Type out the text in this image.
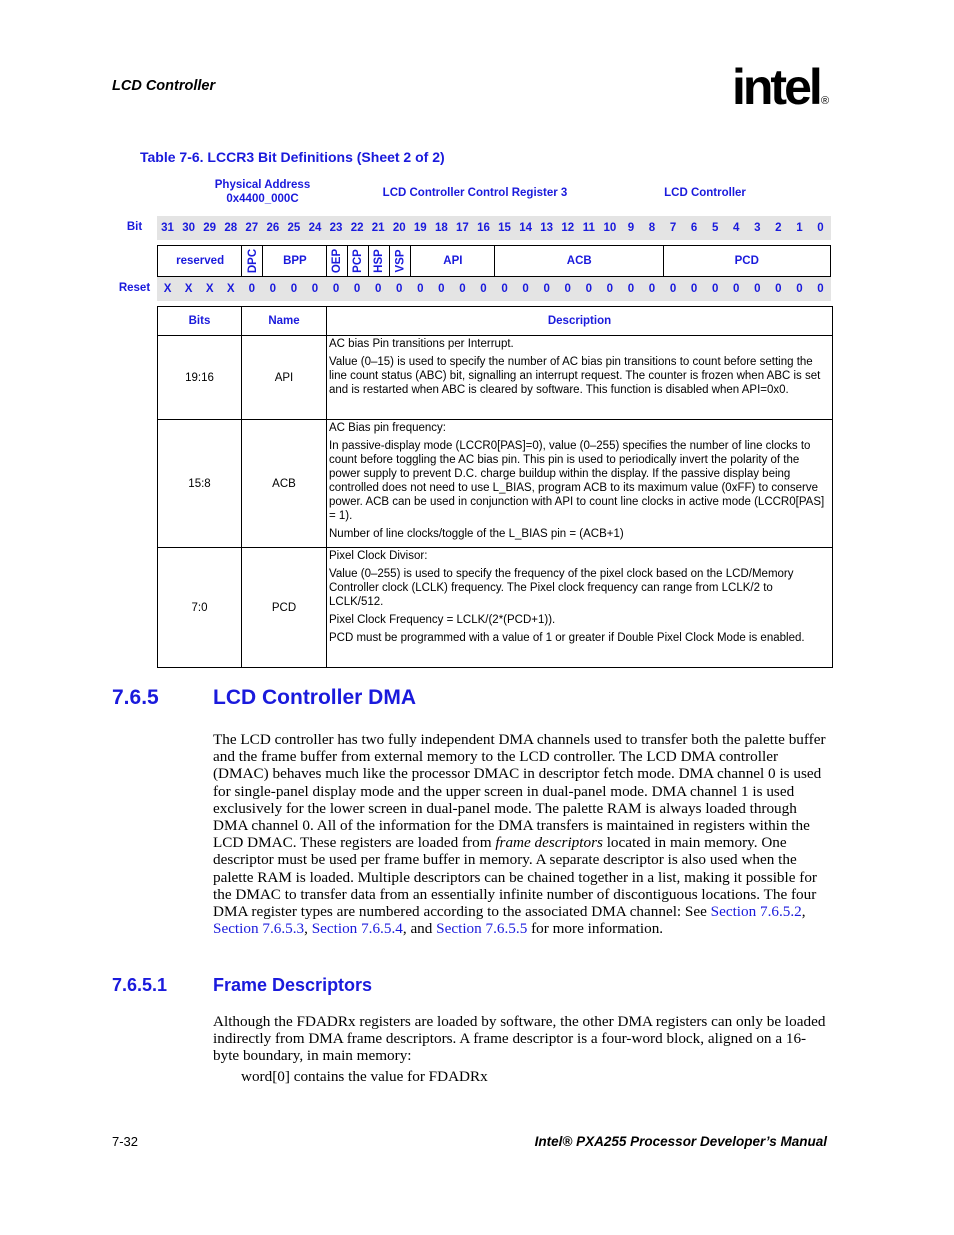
LCD Controller	intel ®
Table 7-6. LCCR3 Bit Definitions (Sheet 2 of 2)
Physical Address
0x4400_000C	LCD Controller Control Register 3	LCD Controller
Bit	31 30 29 28 27 26 25 24 23 22 21 20 19 18 17 16 15 14 13 12 11 10 9	8	7	6	5	4	3	2	1	0
reserved DPC BPP OEP PCP HSP VSP	API	ACB	PCD
Reset	X	X	X	X	0	0	0	0	0	0	0	0	0	0	0	0	0	0	0	0	0	0	0	0	0	0	0	0	0	0	0	0
Bits	Name	Description
19:16	API	AC bias Pin transitions per Interrupt.

Value (0–15) is used to specify the number of AC bias pin transitions to count before setting the line count status (ABC) bit, signalling an interrupt request. The counter is frozen when ABC is set and is restarted when ABC is cleared by software. This function is disabled when API=0x0.

15:8	ACB	AC Bias pin frequency:

In passive-display mode (LCCR0[PAS]=0), value (0–255) specifies the number of line clocks to count before toggling the AC bias pin. This pin is used to periodically invert the polarity of the power supply to prevent D.C. charge buildup within the display. If the passive display being controlled does not need to use L_BIAS, program ACB to its maximum value (0xFF) to conserve power. ACB can be used in conjunction with API to count line clocks in active mode (LCCR0[PAS] = 1).

Number of line clocks/toggle of the L_BIAS pin = (ACB+1)

7:0	PCD	Pixel Clock Divisor:

Value (0–255) is used to specify the frequency of the pixel clock based on the LCD/Memory Controller clock (LCLK) frequency. The Pixel clock frequency can range from LCLK/2 to LCLK/512.

Pixel Clock Frequency = LCLK/(2*(PCD+1)).

PCD must be programmed with a value of 1 or greater if Double Pixel Clock Mode is enabled.

7.6.5	LCD Controller DMA
The LCD controller has two fully independent DMA channels used to transfer both the palette buffer and the frame buffer from external memory to the LCD controller. The LCD DMA controller (DMAC) behaves much like the processor DMAC in descriptor fetch mode. DMA channel 0 is used for single-panel display mode and the upper screen in dual-panel mode. DMA channel 1 is used exclusively for the lower screen in dual-panel mode. The palette RAM is always loaded through DMA channel 0. All of the information for the DMA transfers is maintained in registers within the LCD DMAC. These registers are loaded from frame descriptors located in main memory. One descriptor must be used per frame buffer in memory. A separate descriptor is also used when the palette RAM is loaded. Multiple descriptors can be chained together in a list, making it possible for the DMAC to transfer data from an essentially infinite number of discontiguous locations. The four DMA register types are numbered according to the associated DMA channel: See Section 7.6.5.2, Section 7.6.5.3, Section 7.6.5.4, and Section 7.6.5.5 for more information.
7.6.5.1	Frame Descriptors
Although the FDADRx registers are loaded by software, the other DMA registers can only be loaded indirectly from DMA frame descriptors. A frame descriptor is a four-word block, aligned on a 16-byte boundary, in main memory:
word[0] contains the value for FDADRx
7-32	Intel® PXA255 Processor Developer’s Manual
